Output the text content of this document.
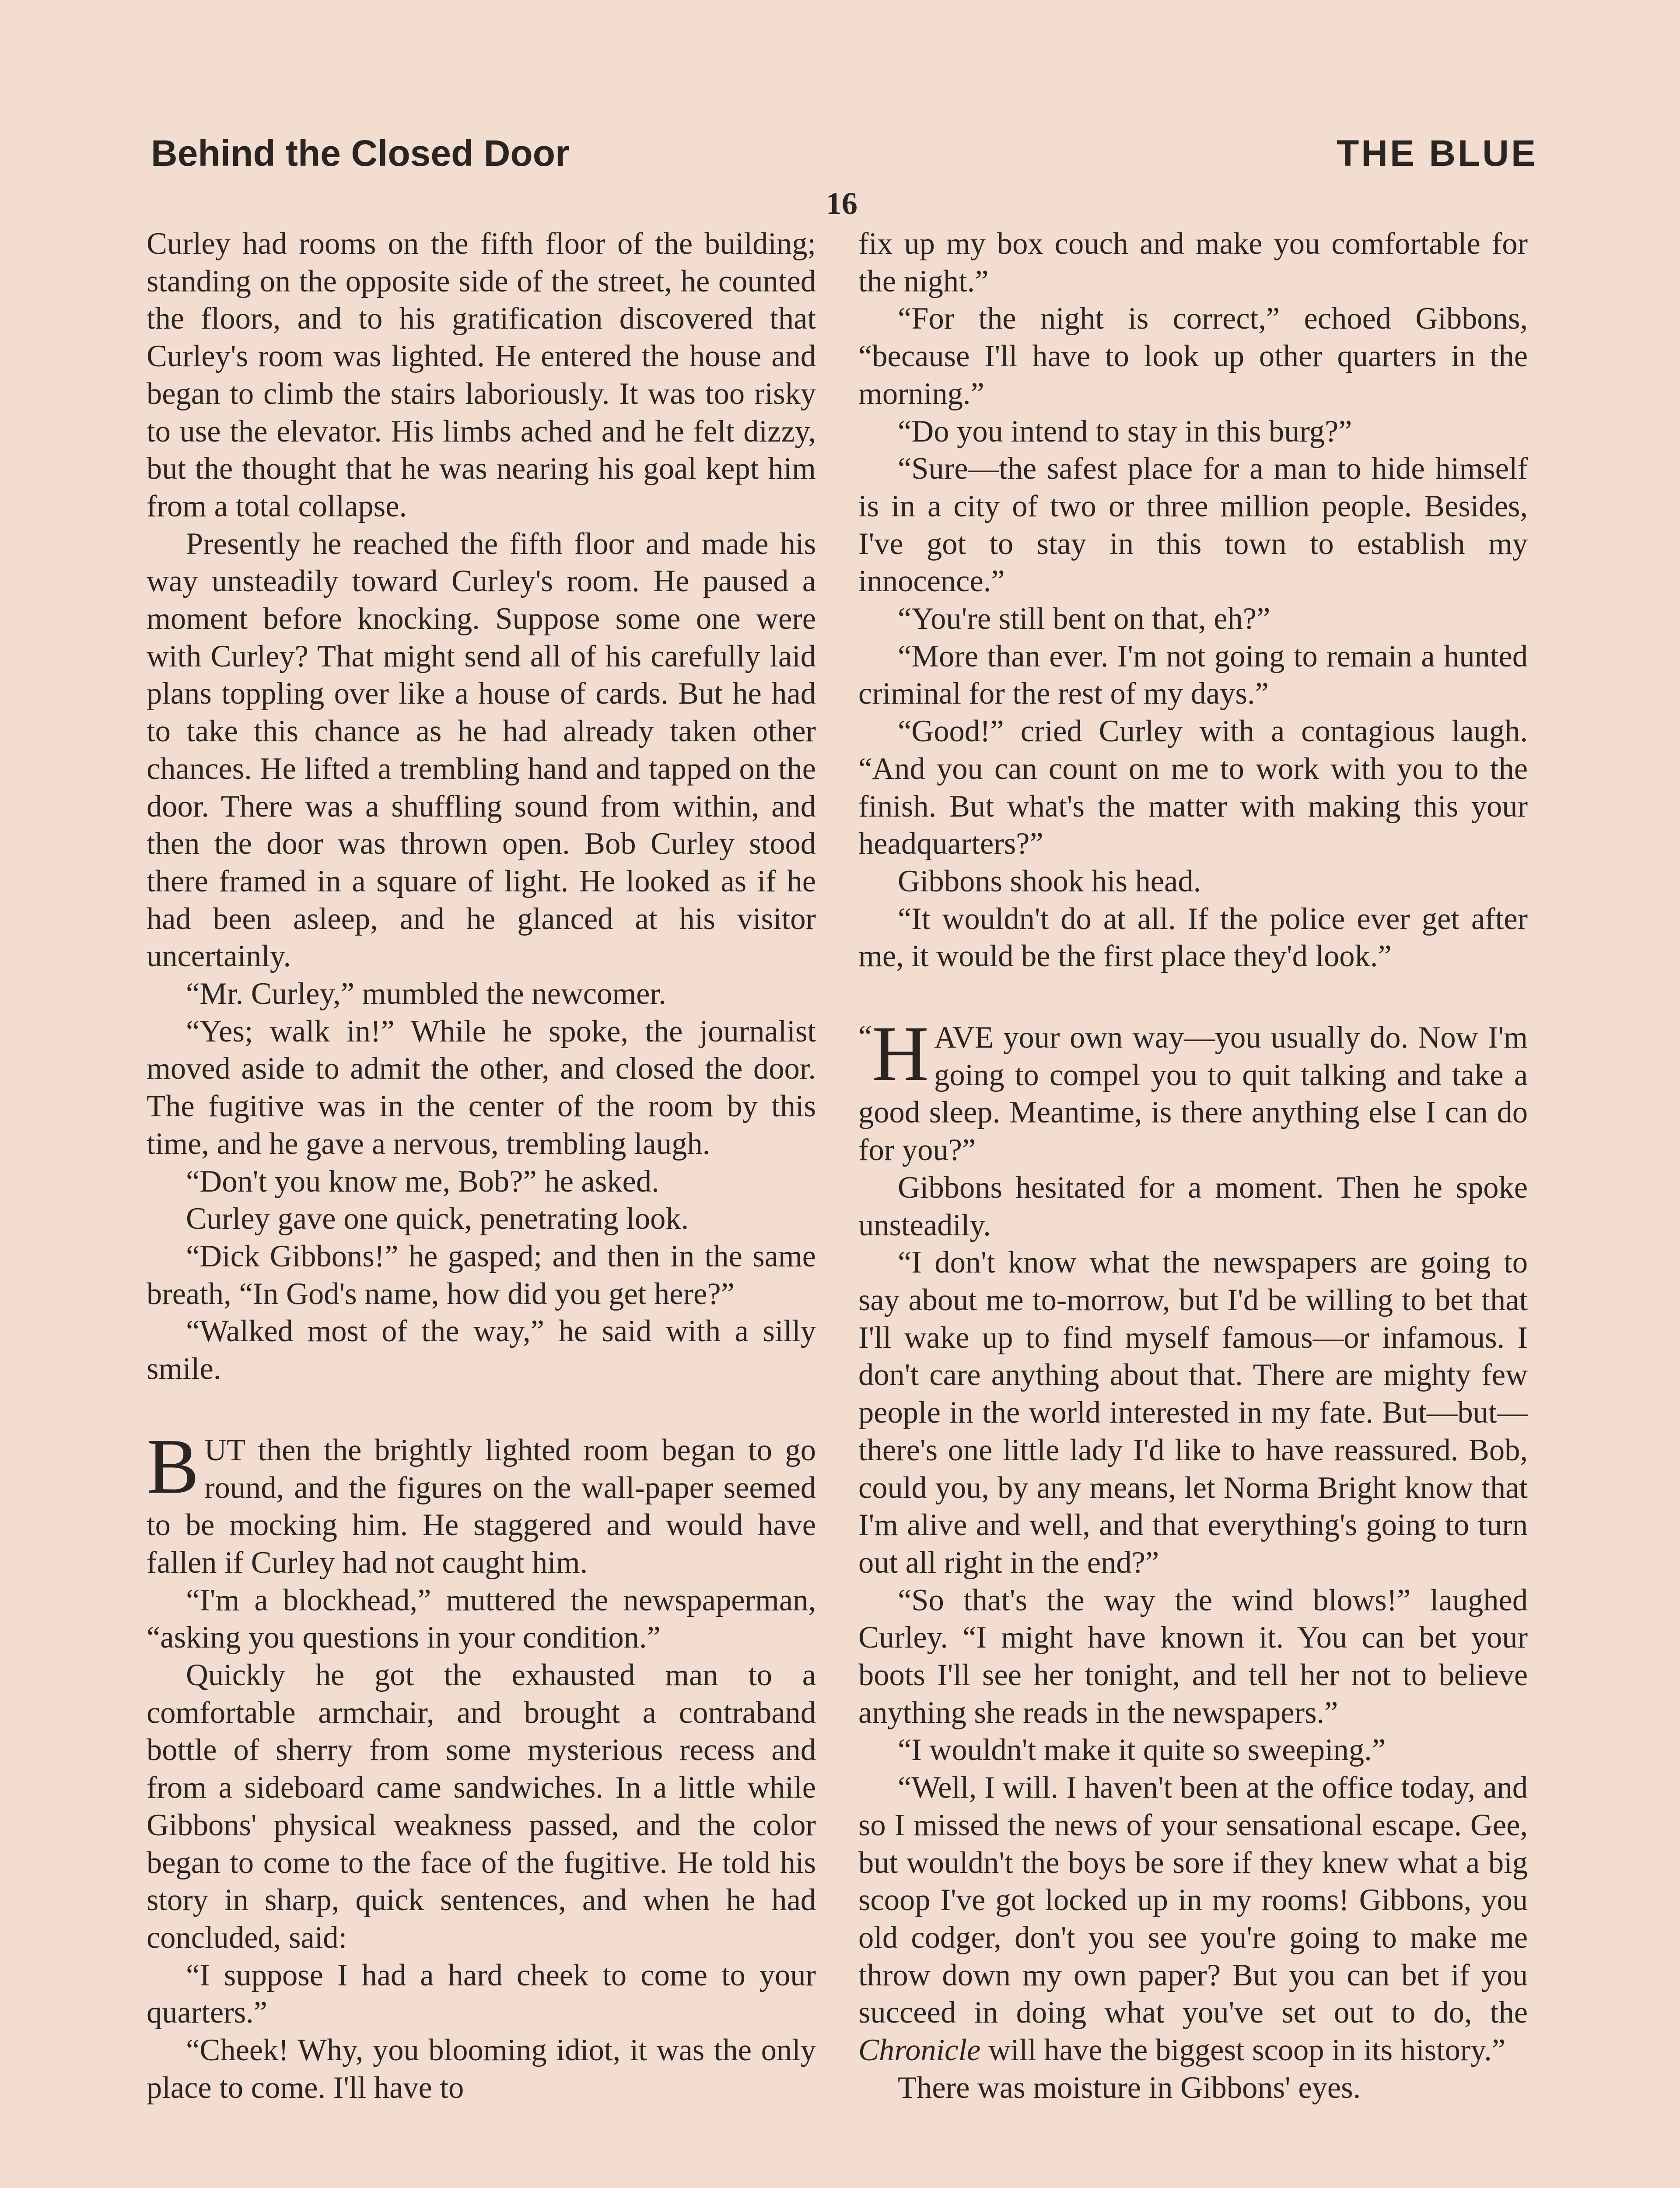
Behind the Closed Door	THE BLUE
16

Curley had rooms on the fifth floor of the building; standing on the opposite side of the street, he counted the floors, and to his gratification discovered that Curley's room was lighted. He entered the house and began to climb the stairs laboriously. It was too risky to use the elevator. His limbs ached and he felt dizzy, but the thought that he was nearing his goal kept him from a total collapse.

Presently he reached the fifth floor and made his way unsteadily toward Curley's room. He paused a moment before knocking. Suppose some one were with Curley? That might send all of his carefully laid plans toppling over like a house of cards. But he had to take this chance as he had already taken other chances. He lifted a trembling hand and tapped on the door. There was a shuffling sound from within, and then the door was thrown open. Bob Curley stood there framed in a square of light. He looked as if he had been asleep, and he glanced at his visitor uncertainly.

“Mr. Curley,” mumbled the newcomer.

“Yes; walk in!” While he spoke, the journalist moved aside to admit the other, and closed the door. The fugitive was in the center of the room by this time, and he gave a nervous, trembling laugh.

“Don't you know me, Bob?” he asked.

Curley gave one quick, penetrating look.

“Dick Gibbons!” he gasped; and then in the same breath, “In God's name, how did you get here?”

“Walked most of the way,” he said with a silly smile.

BUT then the brightly lighted room began to go round, and the figures on the wall-paper seemed to be mocking him. He staggered and would have fallen if Curley had not caught him.

“I'm a blockhead,” muttered the newspaperman, “asking you questions in your condition.”

Quickly he got the exhausted man to a comfortable armchair, and brought a contraband bottle of sherry from some mysterious recess and from a sideboard came sandwiches. In a little while Gibbons' physical weakness passed, and the color began to come to the face of the fugitive. He told his story in sharp, quick sentences, and when he had concluded, said:

“I suppose I had a hard cheek to come to your quarters.”

“Cheek! Why, you blooming idiot, it was the only place to come. I'll have to

fix up my box couch and make you comfortable for the night.”

“For the night is correct,” echoed Gibbons, “because I'll have to look up other quarters in the morning.”

“Do you intend to stay in this burg?”

“Sure—the safest place for a man to hide himself is in a city of two or three million people. Besides, I've got to stay in this town to establish my innocence.”

“You're still bent on that, eh?”

“More than ever. I'm not going to remain a hunted criminal for the rest of my days.”

“Good!” cried Curley with a contagious laugh. “And you can count on me to work with you to the finish. But what's the matter with making this your headquarters?”

Gibbons shook his head.

“It wouldn't do at all. If the police ever get after me, it would be the first place they'd look.”

“ H AVE your own way—you usually do. Now I'm going to compel you to quit talking and take a good sleep. Meantime, is there anything else I can do for you?”

Gibbons hesitated for a moment. Then he spoke unsteadily.

“I don't know what the newspapers are going to say about me to-morrow, but I'd be willing to bet that I'll wake up to find myself famous—or infamous. I don't care anything about that. There are mighty few people in the world interested in my fate. But—but—there's one little lady I'd like to have reassured. Bob, could you, by any means, let Norma Bright know that I'm alive and well, and that everything's going to turn out all right in the end?”

“So that's the way the wind blows!” laughed Curley. “I might have known it. You can bet your boots I'll see her tonight, and tell her not to believe anything she reads in the newspapers.”

“I wouldn't make it quite so sweeping.”

“Well, I will. I haven't been at the office today, and so I missed the news of your sensational escape. Gee, but wouldn't the boys be sore if they knew what a big scoop I've got locked up in my rooms! Gibbons, you old codger, don't you see you're going to make me throw down my own paper? But you can bet if you succeed in doing what you've set out to do, the Chronicle will have the biggest scoop in its history.”

There was moisture in Gibbons' eyes.
